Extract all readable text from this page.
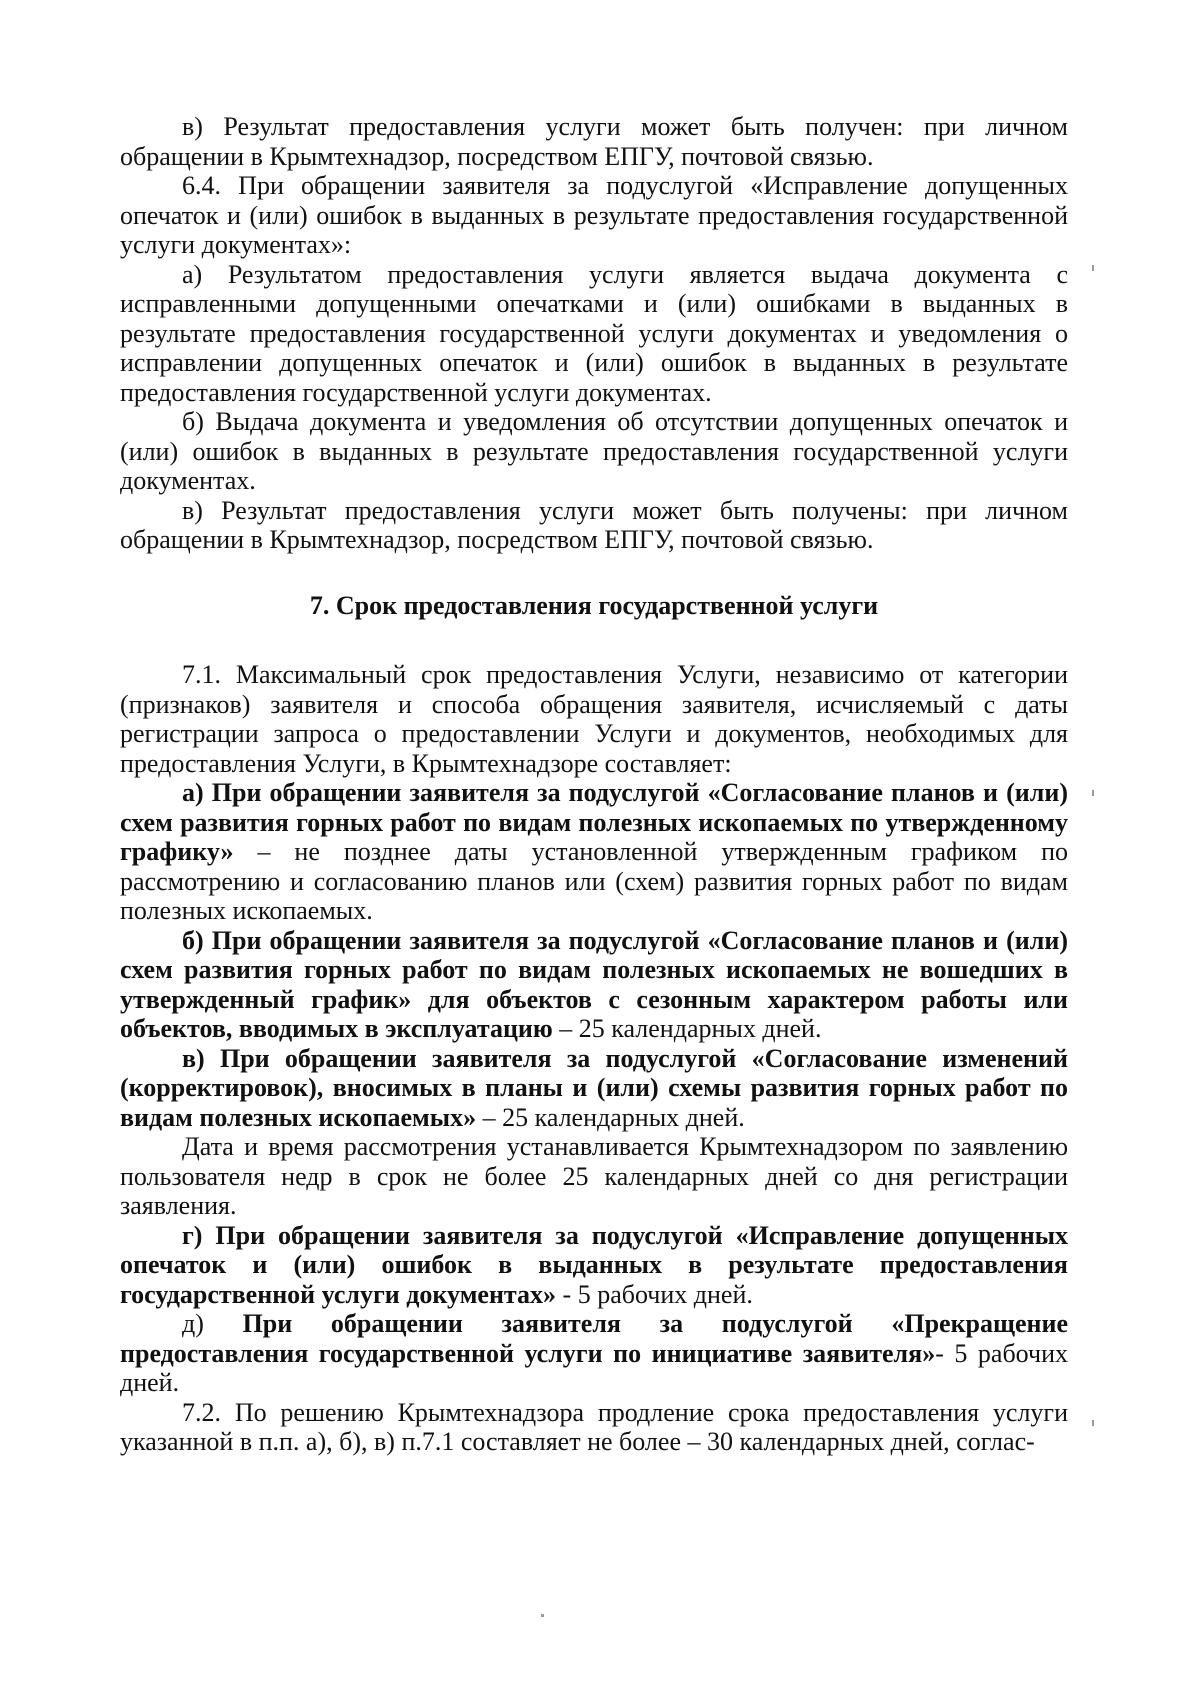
в) Результат предоставления услуги может быть получен: при личном обращении в Крымтехнадзор, посредством ЕПГУ, почтовой связью.

6.4. При обращении заявителя за подуслугой «Исправление допущенных опечаток и (или) ошибок в выданных в результате предоставления государственной услуги документах»:

а) Результатом предоставления услуги является выдача документа с исправленными допущенными опечатками и (или) ошибками в выданных в результате предоставления государственной услуги документах и уведомления о исправлении допущенных опечаток и (или) ошибок в выданных в результате предоставления государственной услуги документах.

б) Выдача документа и уведомления об отсутствии допущенных опечаток и (или) ошибок в выданных в результате предоставления государственной услуги документах.

в) Результат предоставления услуги может быть получены: при личном обращении в Крымтехнадзор, посредством ЕПГУ, почтовой связью.

7. Срок предоставления государственной услуги

7.1. Максимальный срок предоставления Услуги, независимо от категории (признаков) заявителя и способа обращения заявителя, исчисляемый с даты регистрации запроса о предоставлении Услуги и документов, необходимых для предоставления Услуги, в Крымтехнадзоре составляет:

а) При обращении заявителя за подуслугой «Согласование планов и (или) схем развития горных работ по видам полезных ископаемых по утвержденному графику» – не позднее даты установленной утвержденным графиком по рассмотрению и согласованию планов или (схем) развития горных работ по видам полезных ископаемых.

б) При обращении заявителя за подуслугой «Согласование планов и (или) схем развития горных работ по видам полезных ископаемых не вошедших в утвержденный график» для объектов с сезонным характером работы или объектов, вводимых в эксплуатацию – 25 календарных дней.

в) При обращении заявителя за подуслугой «Согласование изменений (корректировок), вносимых в планы и (или) схемы развития горных работ по видам полезных ископаемых» – 25 календарных дней.

Дата и время рассмотрения устанавливается Крымтехнадзором по заявлению пользователя недр в срок не более 25 календарных дней со дня регистрации заявления.

г) При обращении заявителя за подуслугой «Исправление допущенных опечаток и (или) ошибок в выданных в результате предоставления государственной услуги документах» - 5 рабочих дней.

д) При обращении заявителя за подуслугой «Прекращение предоставления государственной услуги по инициативе заявителя»- 5 рабочих дней.

7.2. По решению Крымтехнадзора продление срока предоставления услуги указанной в п.п. а), б), в) п.7.1 составляет не более – 30 календарных дней, соглас-
